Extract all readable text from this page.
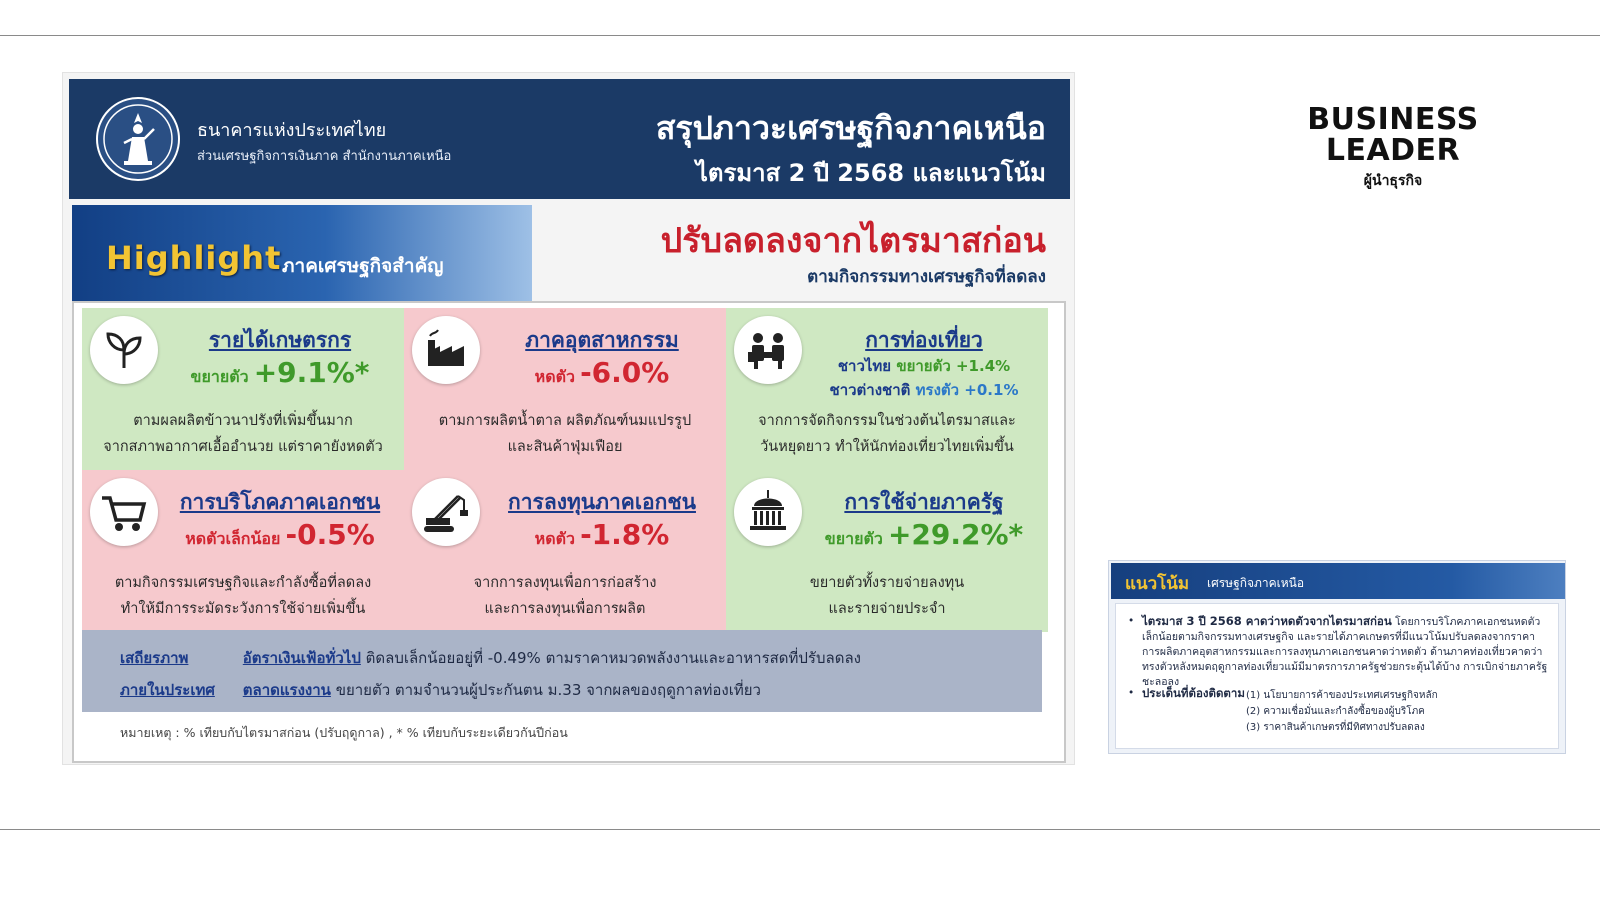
ธนาคารแห่งประเทศไทย
ส่วนเศรษฐกิจการเงินภาค สำนักงานภาคเหนือ
สรุปภาวะเศรษฐกิจภาคเหนือ
ไตรมาส 2 ปี 2568 และแนวโน้ม
Highlight ภาคเศรษฐกิจสำคัญ
ปรับลดลงจากไตรมาสก่อน
ตามกิจกรรมทางเศรษฐกิจที่ลดลง
รายได้เกษตรกร
ขยายตัว +9.1%*
ตามผลผลิตข้าวนาปรังที่เพิ่มขึ้นมาก
จากสภาพอากาศเอื้ออำนวย แต่ราคายังหดตัว
ภาคอุตสาหกรรม
หดตัว -6.0%
ตามการผลิตน้ำตาล ผลิตภัณฑ์นมแปรรูป
และสินค้าฟุ่มเฟือย
การท่องเที่ยว
ชาวไทย ขยายตัว +1.4%
ชาวต่างชาติ ทรงตัว +0.1%
จากการจัดกิจกรรมในช่วงต้นไตรมาสและ
วันหยุดยาว ทำให้นักท่องเที่ยวไทยเพิ่มขึ้น
การบริโภคภาคเอกชน
หดตัวเล็กน้อย -0.5%
ตามกิจกรรมเศรษฐกิจและกำลังซื้อที่ลดลง
ทำให้มีการระมัดระวังการใช้จ่ายเพิ่มขึ้น
การลงทุนภาคเอกชน
หดตัว -1.8%
จากการลงทุนเพื่อการก่อสร้าง
และการลงทุนเพื่อการผลิต
การใช้จ่ายภาครัฐ
ขยายตัว +29.2%*
ขยายตัวทั้งรายจ่ายลงทุน
และรายจ่ายประจำ
เสถียรภาพ	อัตราเงินเฟ้อทั่วไป ติดลบเล็กน้อยอยู่ที่ -0.49% ตามราคาหมวดพลังงานและอาหารสดที่ปรับลดลง
ภายในประเทศ ตลาดแรงงาน ขยายตัว ตามจำนวนผู้ประกันตน ม.33 จากผลของฤดูกาลท่องเที่ยว
หมายเหตุ : % เทียบกับไตรมาสก่อน (ปรับฤดูกาล) , * % เทียบกับระยะเดียวกันปีก่อน
BUSINESS
LEADER
ผู้นำธุรกิจ
แนวโน้ม เศรษฐกิจภาคเหนือ
• ไตรมาส 3 ปี 2568 คาดว่าหดตัวจากไตรมาสก่อน โดยการบริโภคภาคเอกชนหดตัวเล็กน้อยตามกิจกรรมทางเศรษฐกิจ และรายได้ภาคเกษตรที่มีแนวโน้มปรับลดลงจากราคา การผลิตภาคอุตสาหกรรมและการลงทุนภาคเอกชนคาดว่าหดตัว ด้านภาคท่องเที่ยวคาดว่าทรงตัวหลังหมดฤดูกาลท่องเที่ยวแม้มีมาตรการภาครัฐช่วยกระตุ้นได้บ้าง การเบิกจ่ายภาครัฐชะลอลง
• ประเด็นที่ต้องติดตาม (1) นโยบายการค้าของประเทศเศรษฐกิจหลัก
(2) ความเชื่อมั่นและกำลังซื้อของผู้บริโภค
(3) ราคาสินค้าเกษตรที่มีทิศทางปรับลดลง
